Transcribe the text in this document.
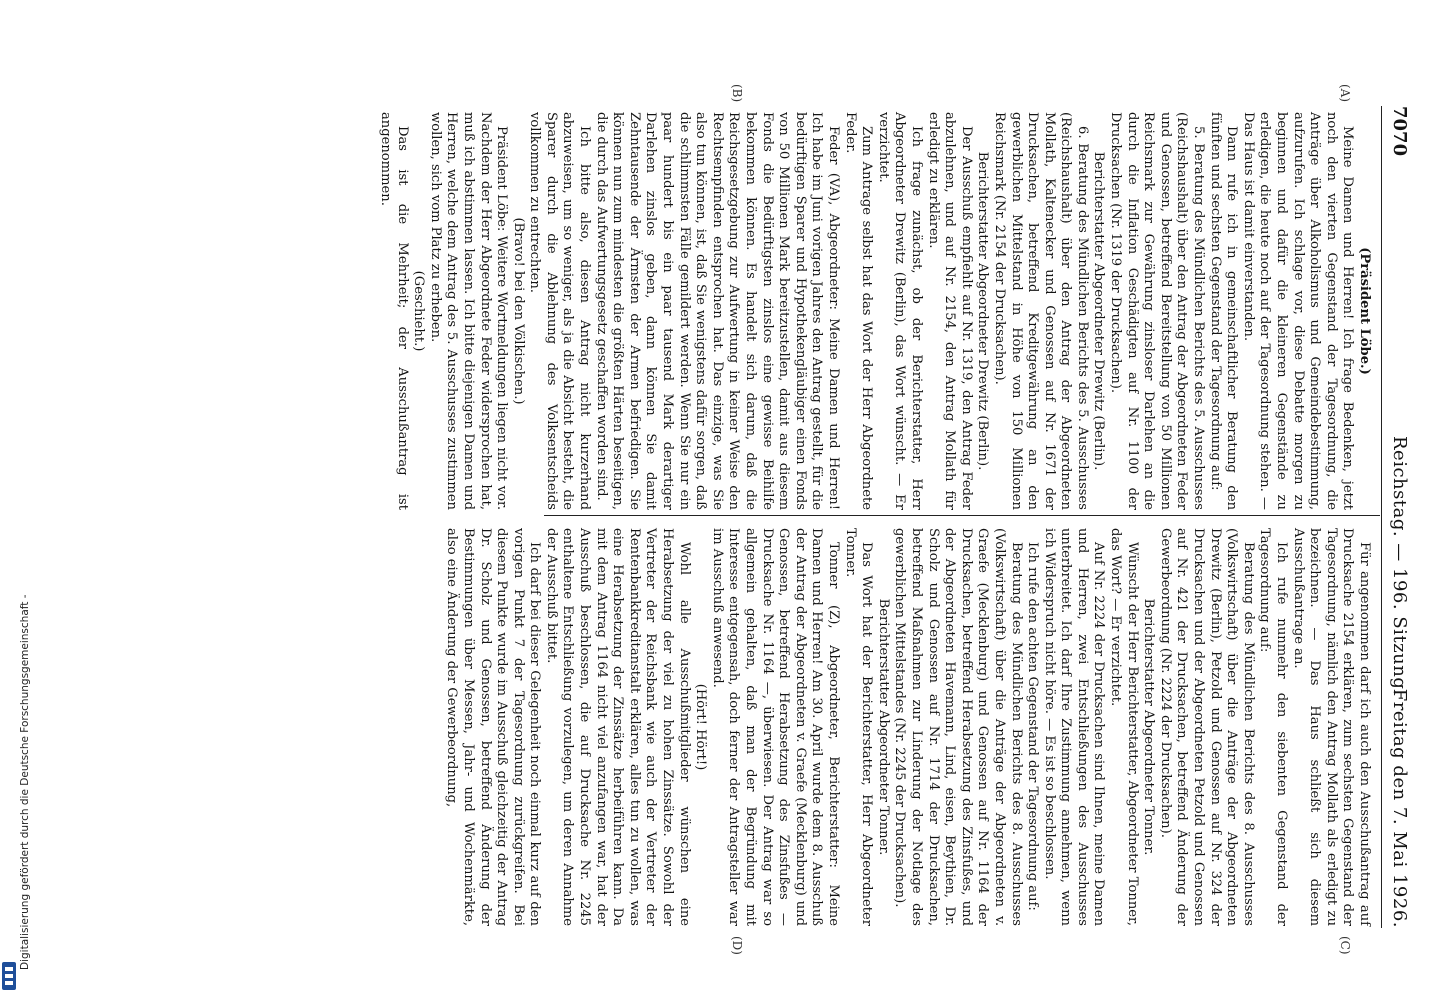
7070
Reichstag. — 196. Sitzung.
Freitag den 7. Mai 1926.
(A)
(B)
(C)
(D)

(Präsident Löbe.)

Meine Damen und Herren! Ich frage Bedenken, jetzt noch den vierten Gegenstand der Tagesordnung, die Anträge über Alkoholismus und Gemeindebestimmung, aufzurufen. Ich schlage vor, diese Debatte morgen zu beginnen und dafür die kleineren Gegenstände zu erledigen, die heute noch auf der Tagesordnung stehen. — Das Haus ist damit einverstanden.

Dann rufe ich in gemeinschaftlicher Beratung den fünften und sechsten Gegenstand der Tagesordnung auf:

5. Beratung des Mündlichen Berichts des 5. Ausschusses (Reichshaushalt) über den Antrag der Abgeordneten Feder und Genossen, betreffend Bereitstellung von 50 Millionen Reichsmark zur Gewährung zinsloser Darlehen an die durch die Inflation Geschädigten auf Nr. 1100 der Drucksachen (Nr. 1319 der Drucksachen).

Berichterstatter Abgeordneter Drewitz (Berlin).

6. Beratung des Mündlichen Berichts des 5. Ausschusses (Reichshaushalt) über den Antrag der Abgeordneten Mollath, Kaltenecker und Genossen auf Nr. 1671 der Drucksachen, betreffend Kreditgewährung an den gewerblichen Mittelstand in Höhe von 150 Millionen Reichsmark (Nr. 2154 der Drucksachen).

Berichterstatter Abgeordneter Drewitz (Berlin).

Der Ausschuß empfiehlt auf Nr. 1319, den Antrag Feder abzulehnen, und auf Nr. 2154, den Antrag Mollath für erledigt zu erklären.

Ich frage zunächst, ob der Berichterstatter, Herr Abgeordneter Drewitz (Berlin), das Wort wünscht. — Er verzichtet.

Zum Antrage selbst hat das Wort der Herr Abgeordnete Feder.

Feder (VA), Abgeordneter: Meine Damen und Herren! Ich habe im Juni vorigen Jahres den Antrag gestellt, für die bedürftigen Sparer und Hypothekengläubiger einen Fonds von 50 Millionen Mark bereitzustellen, damit aus diesem Fonds die Bedürftigsten zinslos eine gewisse Beihilfe bekommen können. Es handelt sich darum, daß die Reichsgesetzgebung zur Aufwertung in keiner Weise den Rechtsempfinden entsprochen hat. Das einzige, was Sie also tun können, ist, daß Sie wenigstens dafür sorgen, daß die schlimmsten Fälle gemildert werden. Wenn Sie nur ein paar hundert bis ein paar tausend Mark derartiger Darlehen zinslos geben, dann können Sie damit Zehntausende der Ärmsten der Armen befriedigen. Sie können nun zum mindesten die größten Härten beseitigen, die durch das Aufwertungsgesetz geschaffen worden sind.

Ich bitte also, diesen Antrag nicht kurzerhand abzuweisen, um so weniger, als ja die Absicht besteht, die Sparer durch die Ablehnung des Volksentscheids vollkommen zu entrechten.

(Bravo! bei den Völkischen.)

Präsident Löbe: Weitere Wortmeldungen liegen nicht vor. Nachdem der Herr Abgeordnete Feder widersprochen hat, muß ich abstimmen lassen. Ich bitte diejenigen Damen und Herren, welche dem Antrag des 5. Ausschusses zustimmen wollen, sich vom Platz zu erheben.

(Geschieht.)

Das ist die Mehrheit; der Ausschußantrag ist angenommen.

Für angenommen darf ich auch den Ausschußantrag auf Drucksache 2154 erklären, zum sechsten Gegenstand der Tagesordnung, nämlich den Antrag Mollath als erledigt zu bezeichnen. — Das Haus schließt sich diesem Ausschußantrage an.

Ich rufe nunmehr den siebenten Gegenstand der Tagesordnung auf:

Beratung des Mündlichen Berichts des 8. Ausschusses (Volkswirtschaft) über die Anträge der Abgeordneten Drewitz (Berlin), Petzold und Genossen auf Nr. 324 der Drucksachen und der Abgeordneten Petzold und Genossen auf Nr. 421 der Drucksachen, betreffend Änderung der Gewerbeordnung (Nr. 2224 der Drucksachen).

Berichterstatter Abgeordneter Tonner.

Wünscht der Herr Berichterstatter, Abgeordneter Tonner, das Wort? — Er verzichtet.

Auf Nr. 2224 der Drucksachen sind Ihnen, meine Damen und Herren, zwei Entschließungen des Ausschusses unterbreitet. Ich darf Ihre Zustimmung annehmen, wenn ich Widerspruch nicht höre. — Es ist so beschlossen.

Ich rufe den achten Gegenstand der Tagesordnung auf:

Beratung des Mündlichen Berichts des 8. Ausschusses (Volkswirtschaft) über die Anträge der Abgeordneten v. Graefe (Mecklenburg) und Genossen auf Nr. 1164 der Drucksachen, betreffend Herabsetzung des Zinsfußes, und der Abgeordneten Havemann, Lind, eisen, Beythien, Dr. Scholz und Genossen auf Nr. 1714 der Drucksachen, betreffend Maßnahmen zur Linderung der Notlage des gewerblichen Mittelstandes (Nr. 2245 der Drucksachen).

Berichterstatter Abgeordneter Tonner.

Das Wort hat der Berichterstatter, Herr Abgeordneter Tonner.

Tonner (Z), Abgeordneter, Berichterstatter: Meine Damen und Herren! Am 30. April wurde dem 8. Ausschuß der Antrag der Abgeordneten v. Graefe (Mecklenburg) und Genossen, betreffend Herabsetzung des Zinsfußes — Drucksache Nr. 1164 —, überwiesen. Der Antrag war so allgemein gehalten, daß man der Begründung mit Interesse entgegensah, doch ferner der Antragsteller war im Ausschuß anwesend.

(Hört! Hört!)

Wohl alle Ausschußmitglieder wünschen eine Herabsetzung der viel zu hohen Zinssätze. Sowohl der Vertreter der Reichsbank wie auch der Vertreter der Rentenbankkreditanstalt erklären, alles tun zu wollen, was eine Herabsetzung der Zinssätze herbeiführen kann. Da mit dem Antrag 1164 nicht viel anzufangen war, hat der Ausschuß beschlossen, die auf Drucksache Nr. 2245 enthaltene Entschließung vorzulegen, um deren Annahme der Ausschuß bittet.

Ich darf bei dieser Gelegenheit noch einmal kurz auf den vorigen Punkt 7 der Tagesordnung zurückgreifen. Bei diesem Punkte wurde im Ausschuß gleichzeitig der Antrag Dr. Scholz und Genossen, betreffend Änderung der Bestimmungen über Messen, Jahr- und Wochenmärkte, also eine Änderung der Gewerbeordnung,

Digitalisierung gefördert durch die Deutsche Forschungsgemeinschaft -
